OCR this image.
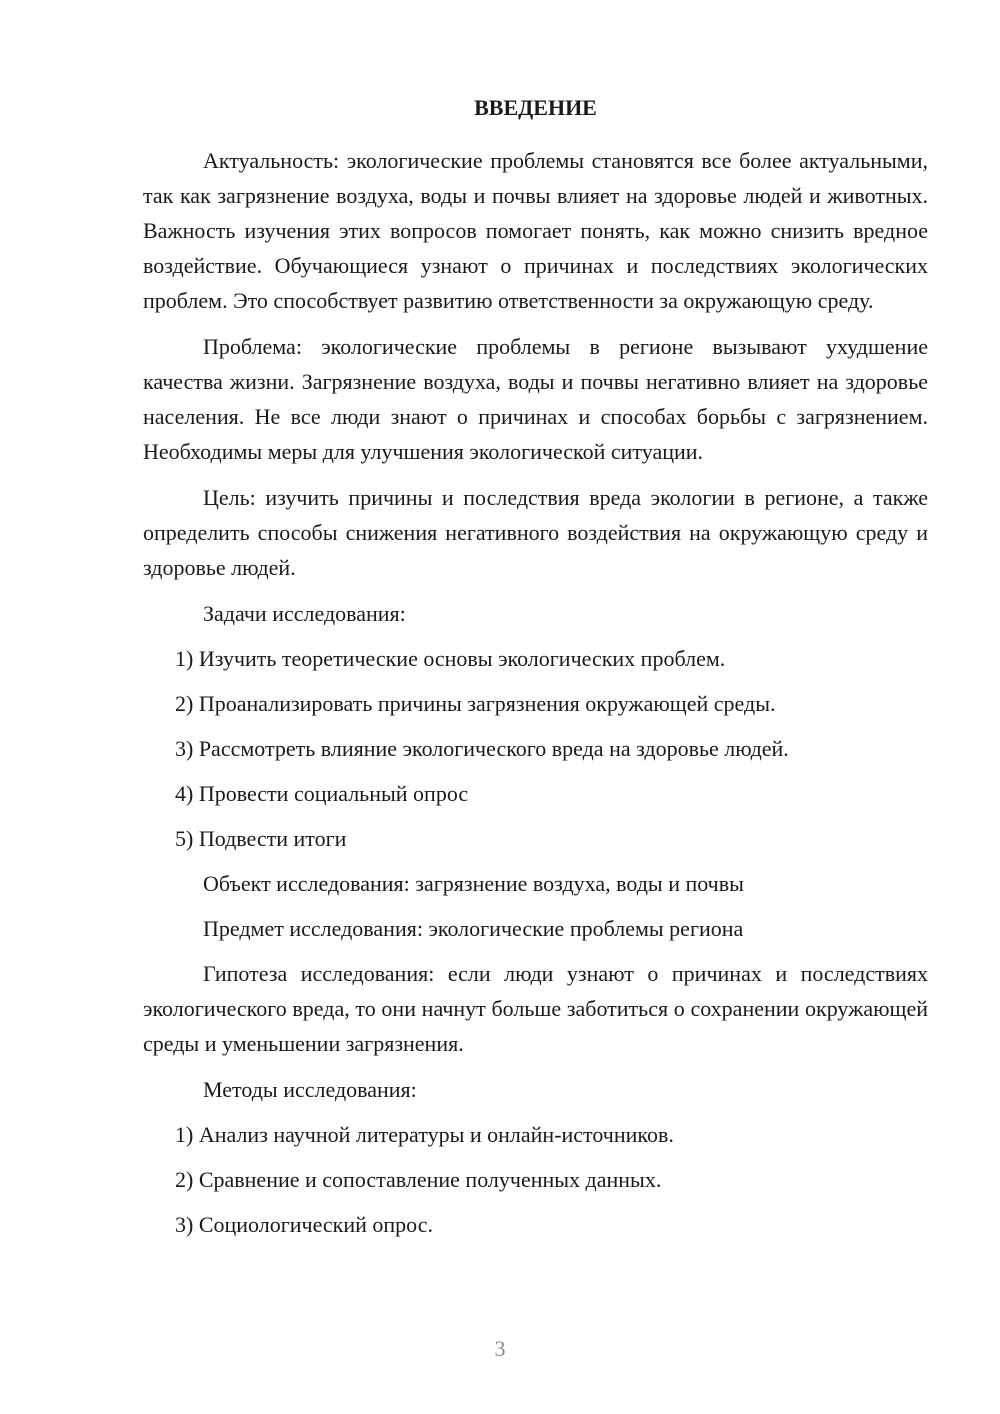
ВВЕДЕНИЕ

Актуальность: экологические проблемы становятся все более актуальными, так как загрязнение воздуха, воды и почвы влияет на здоровье людей и животных. Важность изучения этих вопросов помогает понять, как можно снизить вредное воздействие. Обучающиеся узнают о причинах и последствиях экологических проблем. Это способствует развитию ответственности за окружающую среду.

Проблема: экологические проблемы в регионе вызывают ухудшение качества жизни. Загрязнение воздуха, воды и почвы негативно влияет на здоровье населения. Не все люди знают о причинах и способах борьбы с загрязнением. Необходимы меры для улучшения экологической ситуации.

Цель: изучить причины и последствия вреда экологии в регионе, а также определить способы снижения негативного воздействия на окружающую среду и здоровье людей.

Задачи исследования:
1) Изучить теоретические основы экологических проблем.
2) Проанализировать причины загрязнения окружающей среды.
3) Рассмотреть влияние экологического вреда на здоровье людей.
4) Провести социальный опрос
5) Подвести итоги
Объект исследования: загрязнение воздуха, воды и почвы
Предмет исследования: экологические проблемы региона

Гипотеза исследования: если люди узнают о причинах и последствиях экологического вреда, то они начнут больше заботиться о сохранении окружающей среды и уменьшении загрязнения.

Методы исследования:
1) Анализ научной литературы и онлайн-источников.
2) Сравнение и сопоставление полученных данных.
3) Социологический опрос.
3
